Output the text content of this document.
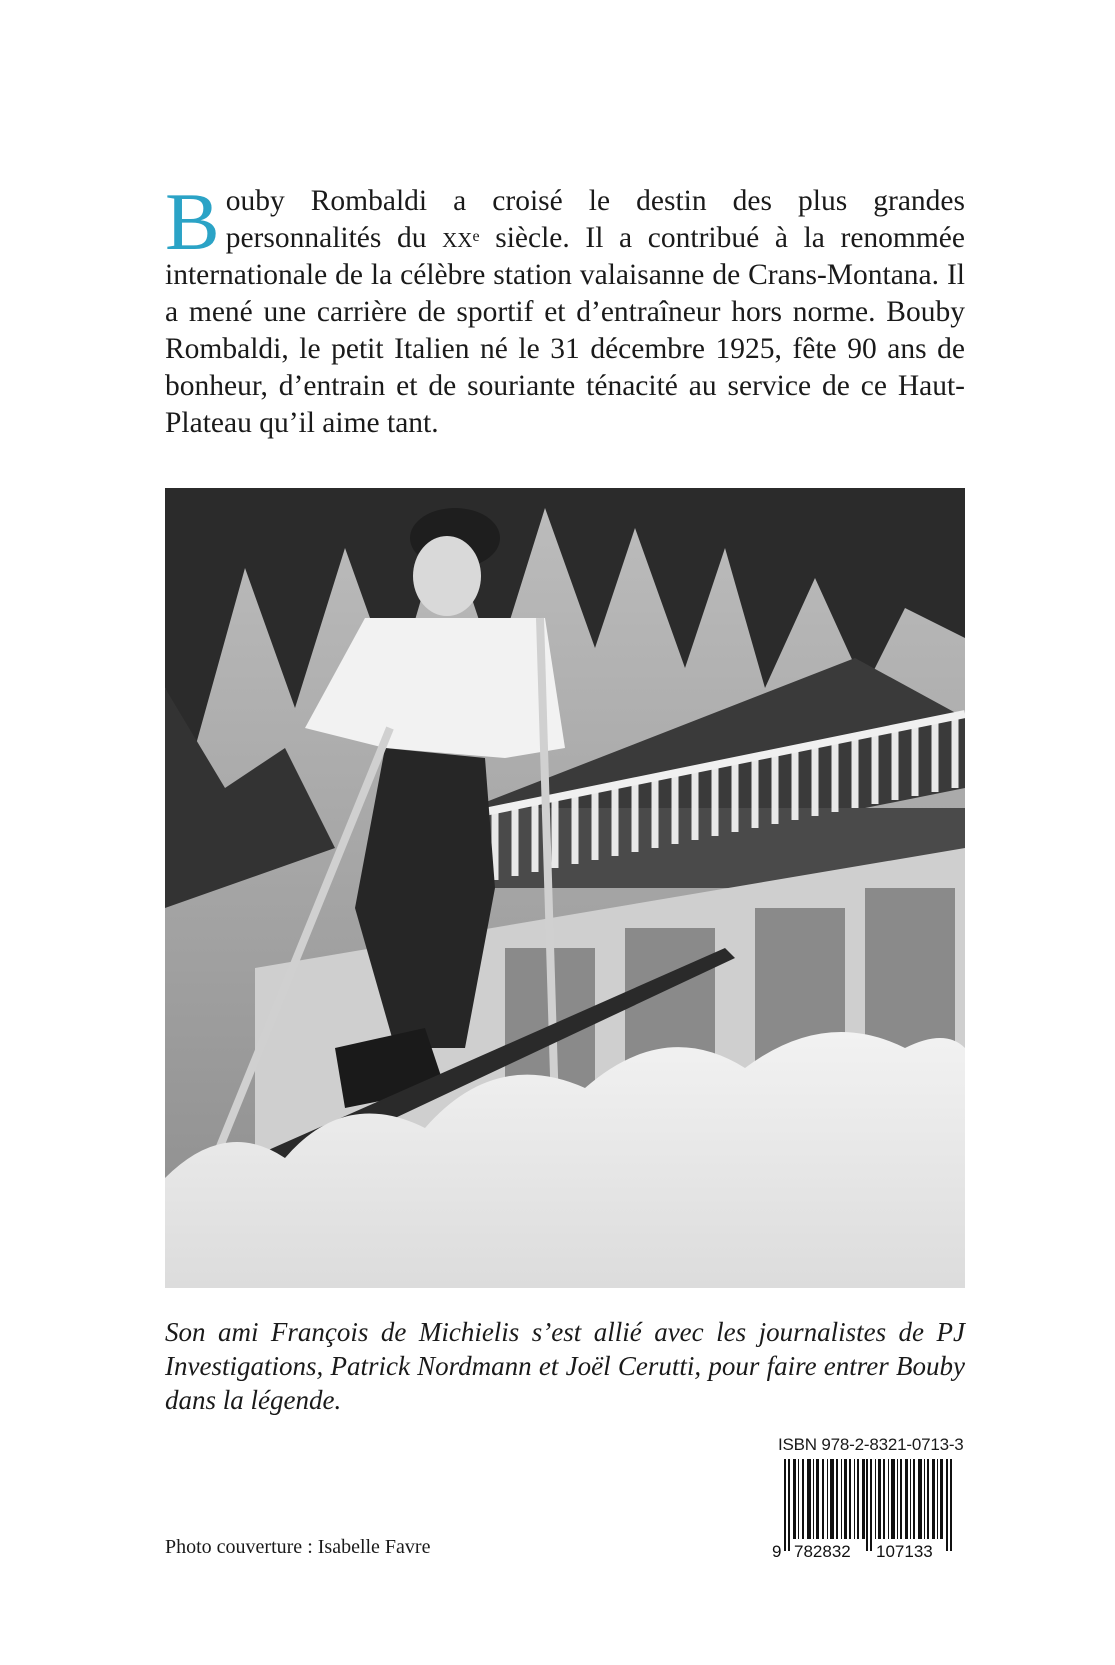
Bouby Rombaldi a croisé le destin des plus grandes personnalités du $xx^e$ siècle. Il a contribué à la renommée internationale de la célèbre station valaisanne de Crans-Montana. Il a mené une carrière de sportif et d’entraîneur hors norme. Bouby Rombaldi, le petit Italien né le 31 décembre 1925, fête 90 ans de bonheur, d’entrain et de souriante ténacité au service de ce Haut-Plateau qu’il aime tant.
Son ami François de Michielis s’est allié avec les journalistes de PJ Investigations, Patrick Nordmann et Joël Cerutti, pour faire entrer Bouby dans la légende.
ISBN 978-2-8321-0713-3
9 782832 107133
Photo couverture : Isabelle Favre
